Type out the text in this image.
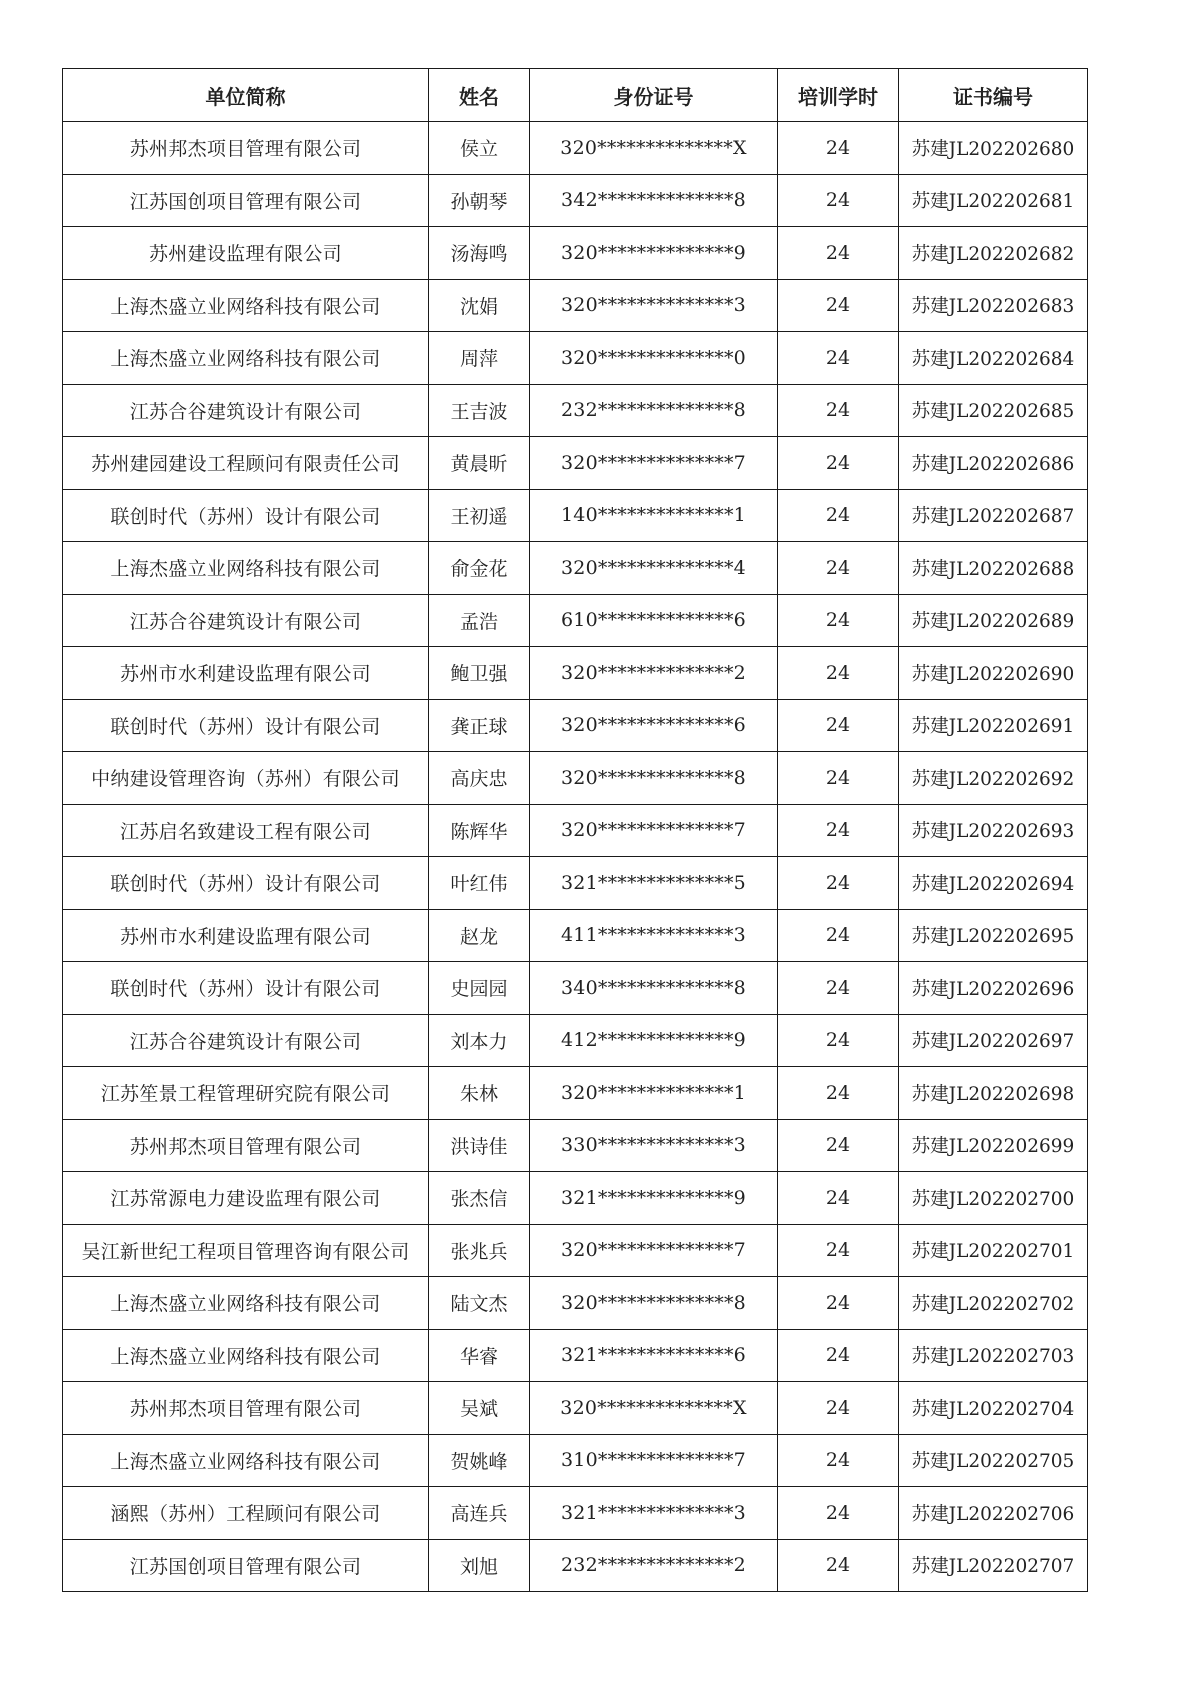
单位简称	姓名	身份证号	培训学时	证书编号
苏州邦杰项目管理有限公司	侯立	320**************X	24	苏建JL202202680
江苏国创项目管理有限公司	孙朝琴	342**************8	24	苏建JL202202681
苏州建设监理有限公司	汤海鸣	320**************9	24	苏建JL202202682
上海杰盛立业网络科技有限公司	沈娟	320**************3	24	苏建JL202202683
上海杰盛立业网络科技有限公司	周萍	320**************0	24	苏建JL202202684
江苏合谷建筑设计有限公司	王吉波	232**************8	24	苏建JL202202685
苏州建园建设工程顾问有限责任公司	黄晨昕	320**************7	24	苏建JL202202686
联创时代（苏州）设计有限公司	王初遥	140**************1	24	苏建JL202202687
上海杰盛立业网络科技有限公司	俞金花	320**************4	24	苏建JL202202688
江苏合谷建筑设计有限公司	孟浩	610**************6	24	苏建JL202202689
苏州市水利建设监理有限公司	鲍卫强	320**************2	24	苏建JL202202690
联创时代（苏州）设计有限公司	龚正球	320**************6	24	苏建JL202202691
中纳建设管理咨询（苏州）有限公司	高庆忠	320**************8	24	苏建JL202202692
江苏启名致建设工程有限公司	陈辉华	320**************7	24	苏建JL202202693
联创时代（苏州）设计有限公司	叶红伟	321**************5	24	苏建JL202202694
苏州市水利建设监理有限公司	赵龙	411**************3	24	苏建JL202202695
联创时代（苏州）设计有限公司	史园园	340**************8	24	苏建JL202202696
江苏合谷建筑设计有限公司	刘本力	412**************9	24	苏建JL202202697
江苏笙景工程管理研究院有限公司	朱林	320**************1	24	苏建JL202202698
苏州邦杰项目管理有限公司	洪诗佳	330**************3	24	苏建JL202202699
江苏常源电力建设监理有限公司	张杰信	321**************9	24	苏建JL202202700
吴江新世纪工程项目管理咨询有限公司	张兆兵	320**************7	24	苏建JL202202701
上海杰盛立业网络科技有限公司	陆文杰	320**************8	24	苏建JL202202702
上海杰盛立业网络科技有限公司	华睿	321**************6	24	苏建JL202202703
苏州邦杰项目管理有限公司	吴斌	320**************X	24	苏建JL202202704
上海杰盛立业网络科技有限公司	贺姚峰	310**************7	24	苏建JL202202705
涵熙（苏州）工程顾问有限公司	高连兵	321**************3	24	苏建JL202202706
江苏国创项目管理有限公司	刘旭	232**************2	24	苏建JL202202707
